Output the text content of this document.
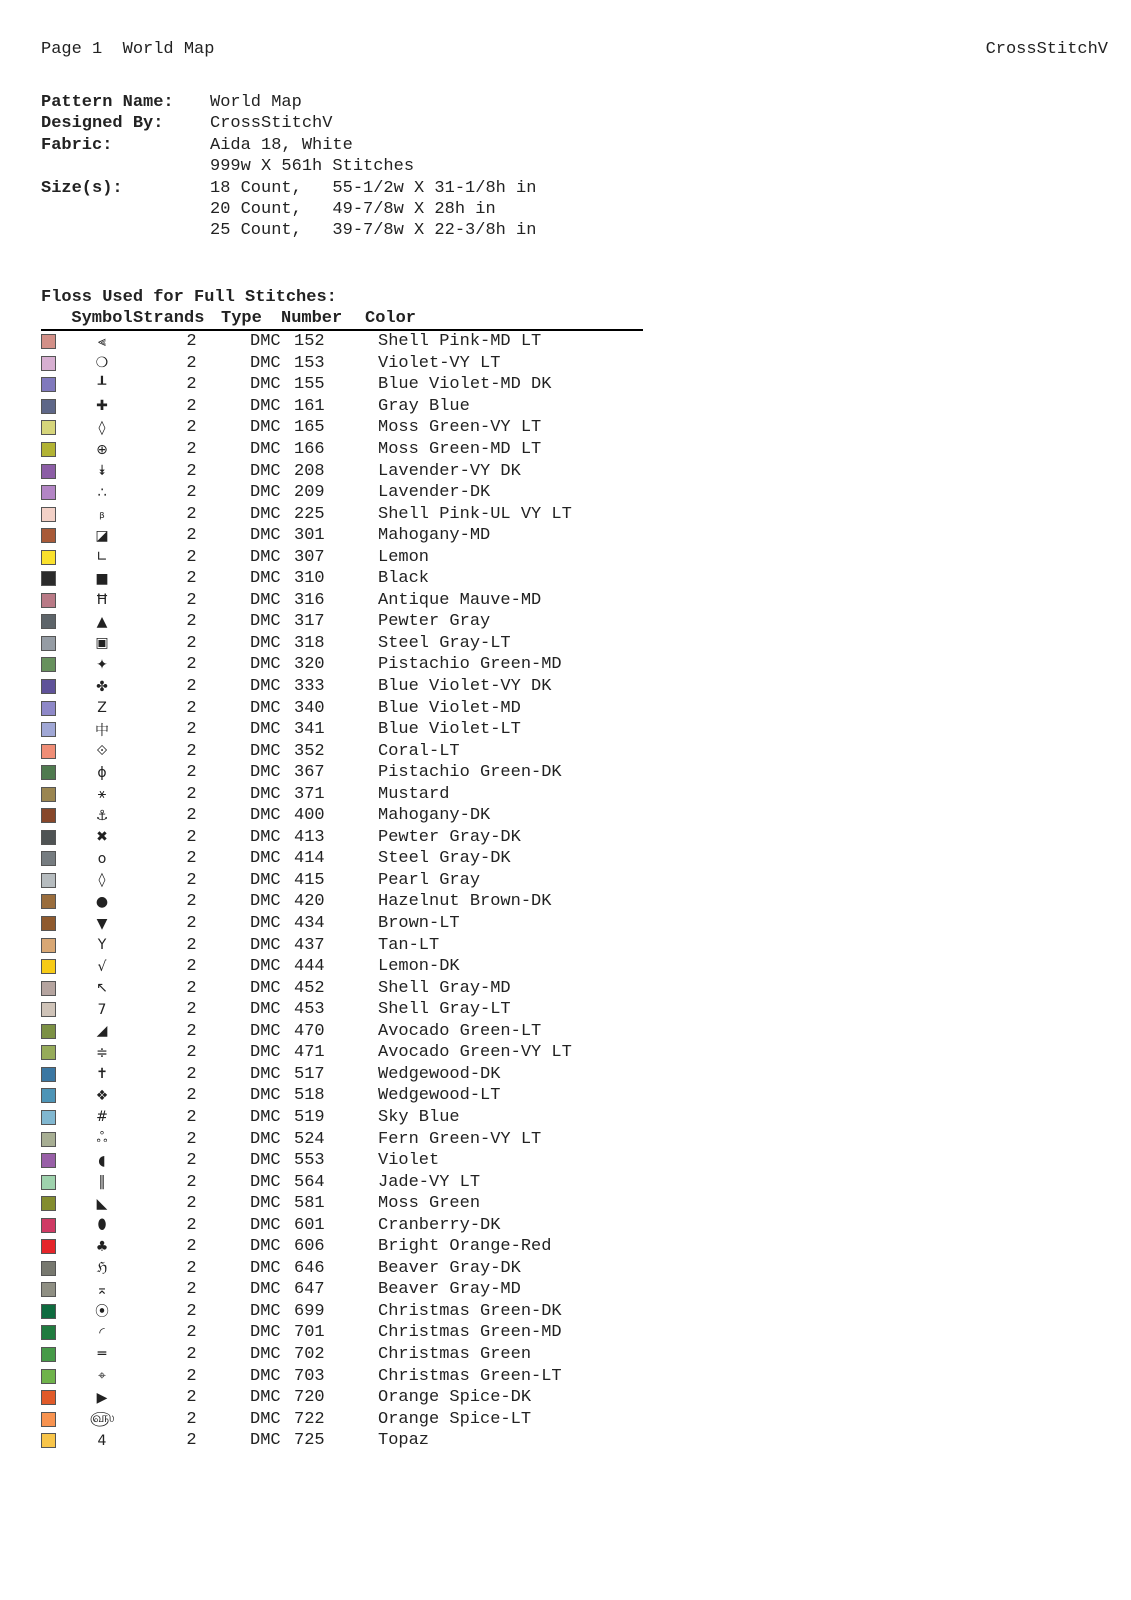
Page 1 World Map	CrossStitchV
Pattern Name:	World Map
Designed By:	CrossStitchV
Fabric:	Aida 18, White
999w X 561h Stitches
Size(s):	18 Count,   55-1/2w X 31-1/8h in
20 Count,   49-7/8w X 28h in
25 Count,   39-7/8w X 22-3/8h in
Floss Used for Full Stitches:
Symbol Strands Type	Number	Color
⫷	2	DMC 152	Shell Pink-MD LT
❍	2	DMC 153	Violet-VY LT
┸	2	DMC 155	Blue Violet-MD DK
✚	2	DMC 161	Gray Blue
◊	2	DMC 165	Moss Green-VY LT
⊕	2	DMC 166	Moss Green-MD LT
⯯	2	DMC 208	Lavender-VY DK
∴	2	DMC 209	Lavender-DK
ᵦ	2	DMC 225	Shell Pink-UL VY LT
◪	2	DMC 301	Mahogany-MD
∟	2	DMC 307	Lemon
■	2	DMC 310	Black
Ħ	2	DMC 316	Antique Mauve-MD
▲	2	DMC 317	Pewter Gray
▣	2	DMC 318	Steel Gray-LT
✦	2	DMC 320	Pistachio Green-MD
✤	2	DMC 333	Blue Violet-VY DK
Z	2	DMC 340	Blue Violet-MD
中	2	DMC 341	Blue Violet-LT
⟐	2	DMC 352	Coral-LT
ɸ	2	DMC 367	Pistachio Green-DK
⚹	2	DMC 371	Mustard
⚓	2	DMC 400	Mahogany-DK
✖	2	DMC 413	Pewter Gray-DK
o	2	DMC 414	Steel Gray-DK
◊	2	DMC 415	Pearl Gray
●	2	DMC 420	Hazelnut Brown-DK
▼	2	DMC 434	Brown-LT
Y	2	DMC 437	Tan-LT
√	2	DMC 444	Lemon-DK
↖	2	DMC 452	Shell Gray-MD
7	2	DMC 453	Shell Gray-LT
◢	2	DMC 470	Avocado Green-LT
≑	2	DMC 471	Avocado Green-VY LT
✝	2	DMC 517	Wedgewood-DK
❖	2	DMC 518	Wedgewood-LT
#	2	DMC 519	Sky Blue
ஃ	2	DMC 524	Fern Green-VY LT
◖	2	DMC 553	Violet
‖	2	DMC 564	Jade-VY LT
◣	2	DMC 581	Moss Green
⬮	2	DMC 601	Cranberry-DK
♣	2	DMC 606	Bright Orange-Red
ℌ	2	DMC 646	Beaver Gray-DK
⌅	2	DMC 647	Beaver Gray-MD
⦿	2	DMC 699	Christmas Green-DK
◜	2	DMC 701	Christmas Green-MD
═	2	DMC 702	Christmas Green
⌖	2	DMC 703	Christmas Green-LT
▶	2	DMC 720	Orange Spice-DK
௵	2	DMC 722	Orange Spice-LT
4	2	DMC 725	Topaz
